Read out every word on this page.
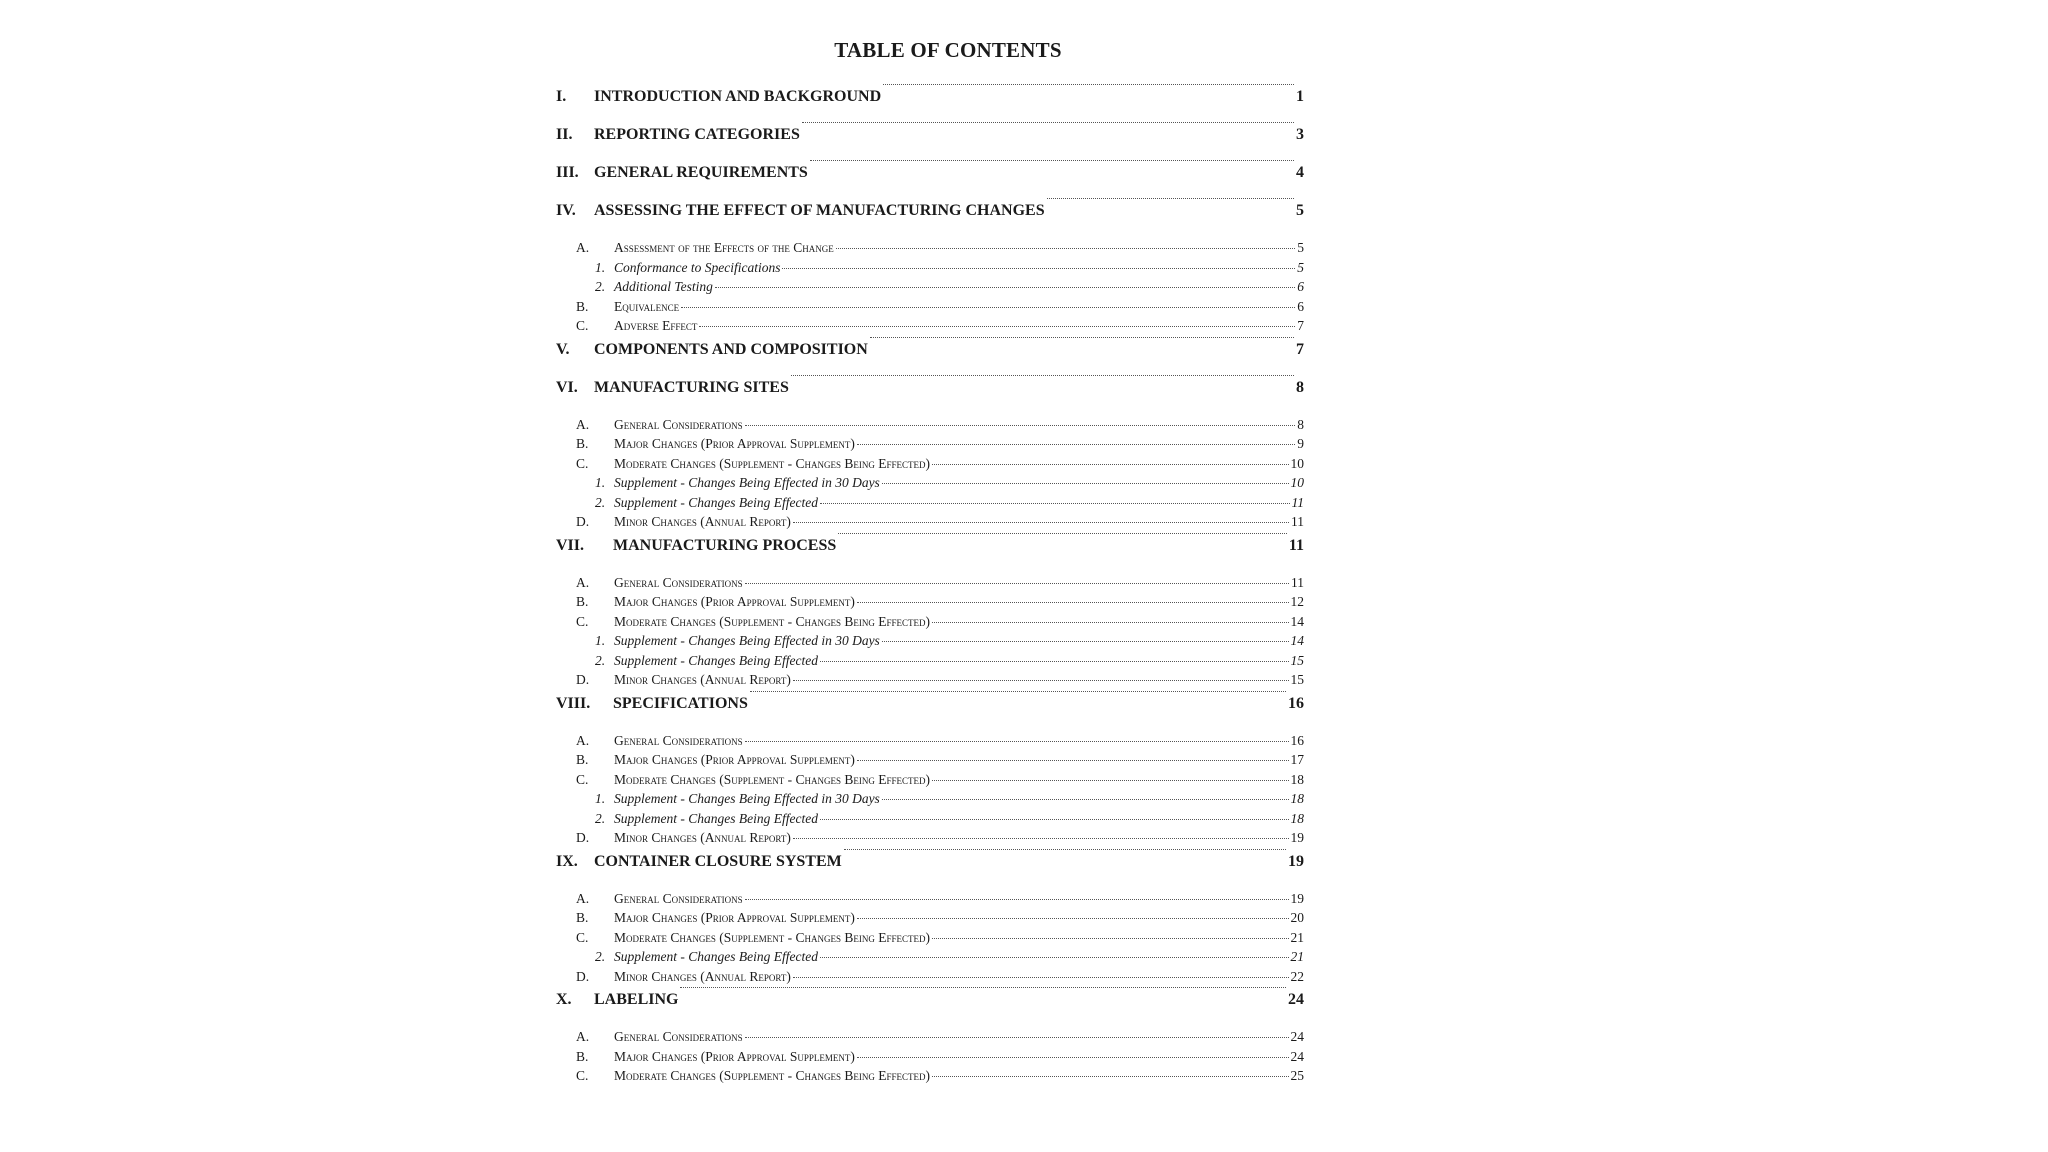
TABLE OF CONTENTS
I.	INTRODUCTION AND BACKGROUND	1
II.	REPORTING CATEGORIES	3
III. GENERAL REQUIREMENTS	4
IV.	ASSESSING THE EFFECT OF MANUFACTURING CHANGES	5
A.	Assessment of the Effects of the Change	5
1. Conformance to Specifications	5
2. Additional Testing	6
B.	Equivalence	6
C.	Adverse Effect	7
V.	COMPONENTS AND COMPOSITION	7
VI.	MANUFACTURING SITES	8
A.	General Considerations	8
B.	Major Changes (Prior Approval Supplement)	9
C.	Moderate Changes (Supplement - Changes Being Effected)	10
1. Supplement - Changes Being Effected in 30 Days	10
2. Supplement - Changes Being Effected	11
D.	Minor Changes (Annual Report)	11
VII.	MANUFACTURING PROCESS	11
A.	General Considerations	11
B.	Major Changes (Prior Approval Supplement)	12
C.	Moderate Changes (Supplement - Changes Being Effected)	14
1. Supplement - Changes Being Effected in 30 Days	14
2. Supplement - Changes Being Effected	15
D.	Minor Changes (Annual Report)	15
VIII.	SPECIFICATIONS	16
A.	General Considerations	16
B.	Major Changes (Prior Approval Supplement)	17
C.	Moderate Changes (Supplement - Changes Being Effected)	18
1. Supplement - Changes Being Effected in 30 Days	18
2. Supplement - Changes Being Effected	18
D.	Minor Changes (Annual Report)	19
IX.	CONTAINER CLOSURE SYSTEM	19
A.	General Considerations	19
B.	Major Changes (Prior Approval Supplement)	20
C.	Moderate Changes (Supplement - Changes Being Effected)	21
2. Supplement - Changes Being Effected	21
D.	Minor Changes (Annual Report)	22
X.	LABELING	24
A.	General Considerations	24
B.	Major Changes (Prior Approval Supplement)	24
C.	Moderate Changes (Supplement - Changes Being Effected)	25
